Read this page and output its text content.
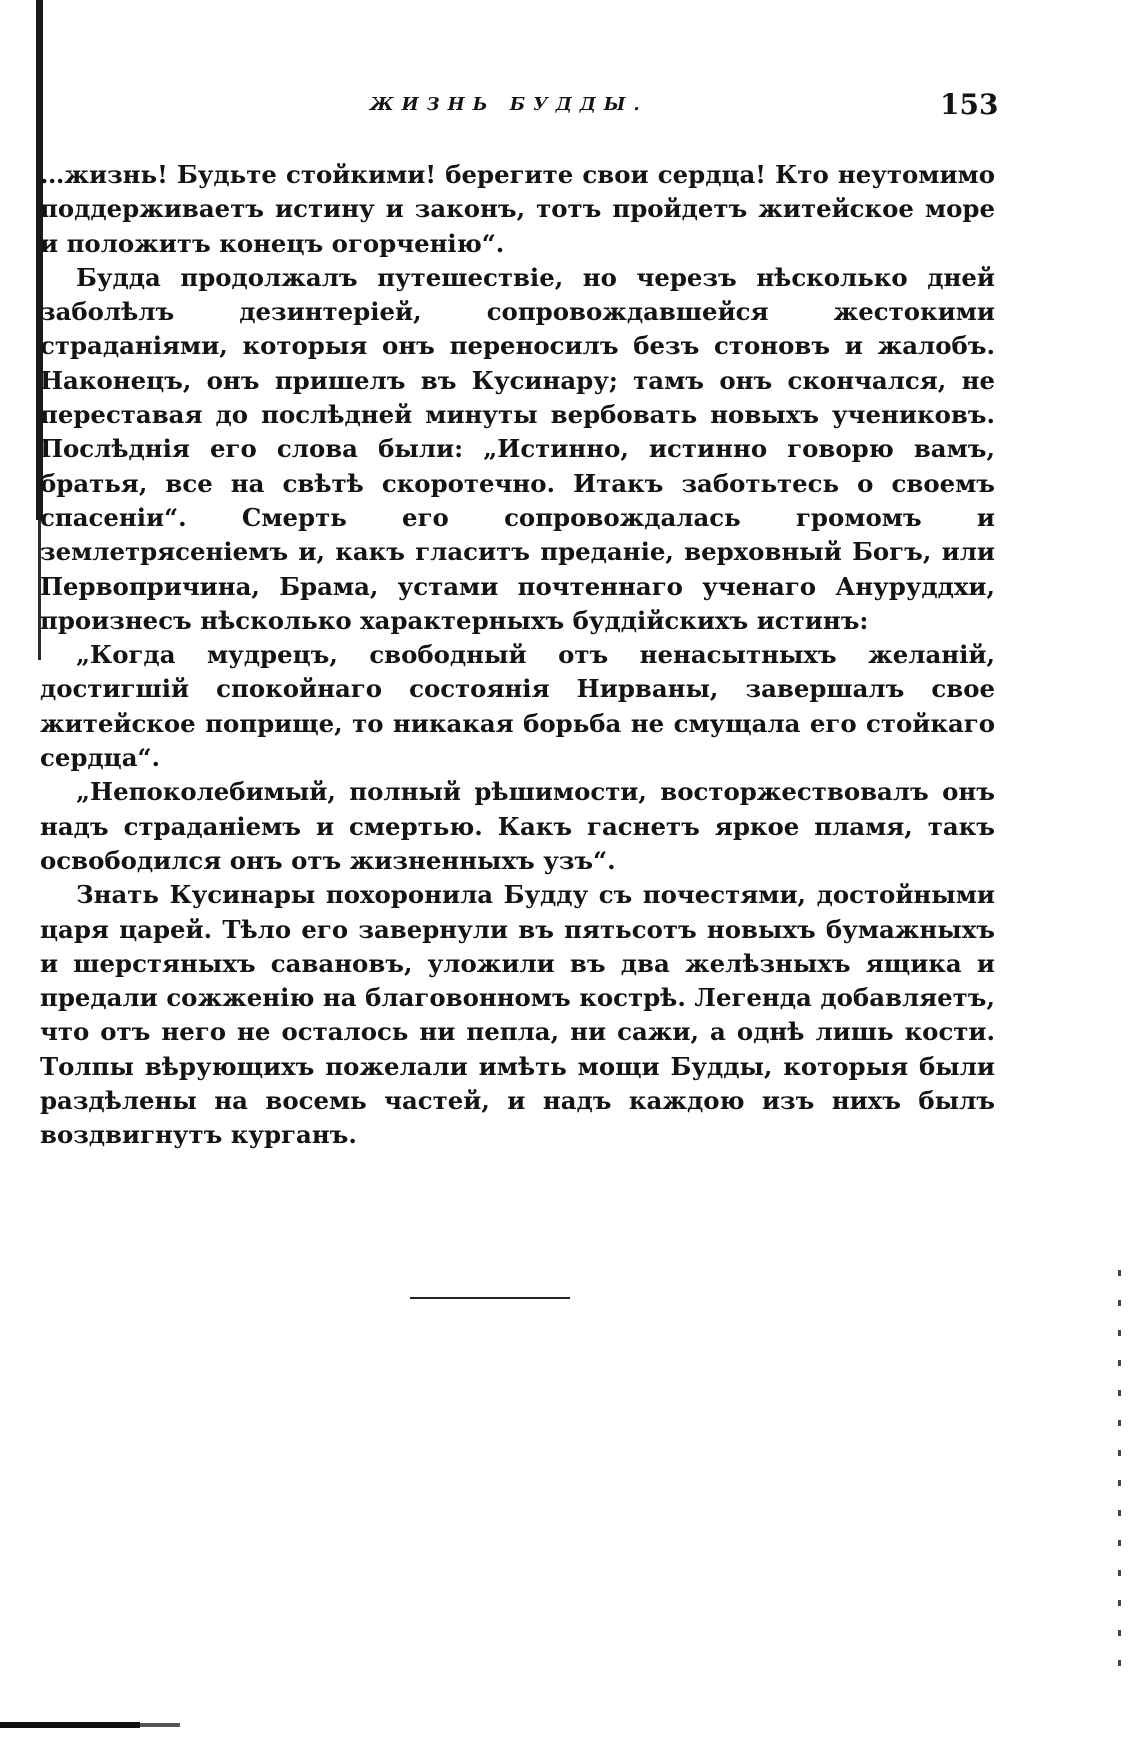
ЖИЗНЬ БУДДЫ.	153

…жизнь! Будьте стойкими! берегите свои сердца! Кто неутомимо поддерживаетъ истину и законъ, тотъ пройдетъ житейское море и положитъ конецъ огорченію“.

Будда продолжалъ путешествіе, но черезъ нѣсколько дней заболѣлъ дезинтеріей, сопровождавшейся жестокими страданіями, которыя онъ переносилъ безъ стоновъ и жалобъ. Наконецъ, онъ пришелъ въ Кусинару; тамъ онъ скончался, не переставая до послѣдней минуты вербовать новыхъ учениковъ. Послѣднія его слова были: „Истинно, истинно говорю вамъ, братья, все на свѣтѣ скоротечно. Итакъ заботьтесь о своемъ спасеніи“. Смерть его сопровождалась громомъ и землетрясеніемъ и, какъ гласитъ преданіе, верховный Богъ, или Первопричина, Брама, устами почтеннаго ученаго Ануруддхи, произнесъ нѣсколько характерныхъ буддійскихъ истинъ:

„Когда мудрецъ, свободный отъ ненасытныхъ желаній, достигшій спокойнаго состоянія Нирваны, завершалъ свое житейское поприще, то никакая борьба не смущала его стойкаго сердца“.

„Непоколебимый, полный рѣшимости, восторжествовалъ онъ надъ страданіемъ и смертью. Какъ гаснетъ яркое пламя, такъ освободился онъ отъ жизненныхъ узъ“.

Знать Кусинары похоронила Будду съ почестями, достойными царя царей. Тѣло его завернули въ пятьсотъ новыхъ бумажныхъ и шерстяныхъ савановъ, уложили въ два желѣзныхъ ящика и предали сожженію на благовонномъ кострѣ. Легенда добавляетъ, что отъ него не осталось ни пепла, ни сажи, а однѣ лишь кости. Толпы вѣрующихъ пожелали имѣть мощи Будды, которыя были раздѣлены на восемь частей, и надъ каждою изъ нихъ былъ воздвигнутъ курганъ.
